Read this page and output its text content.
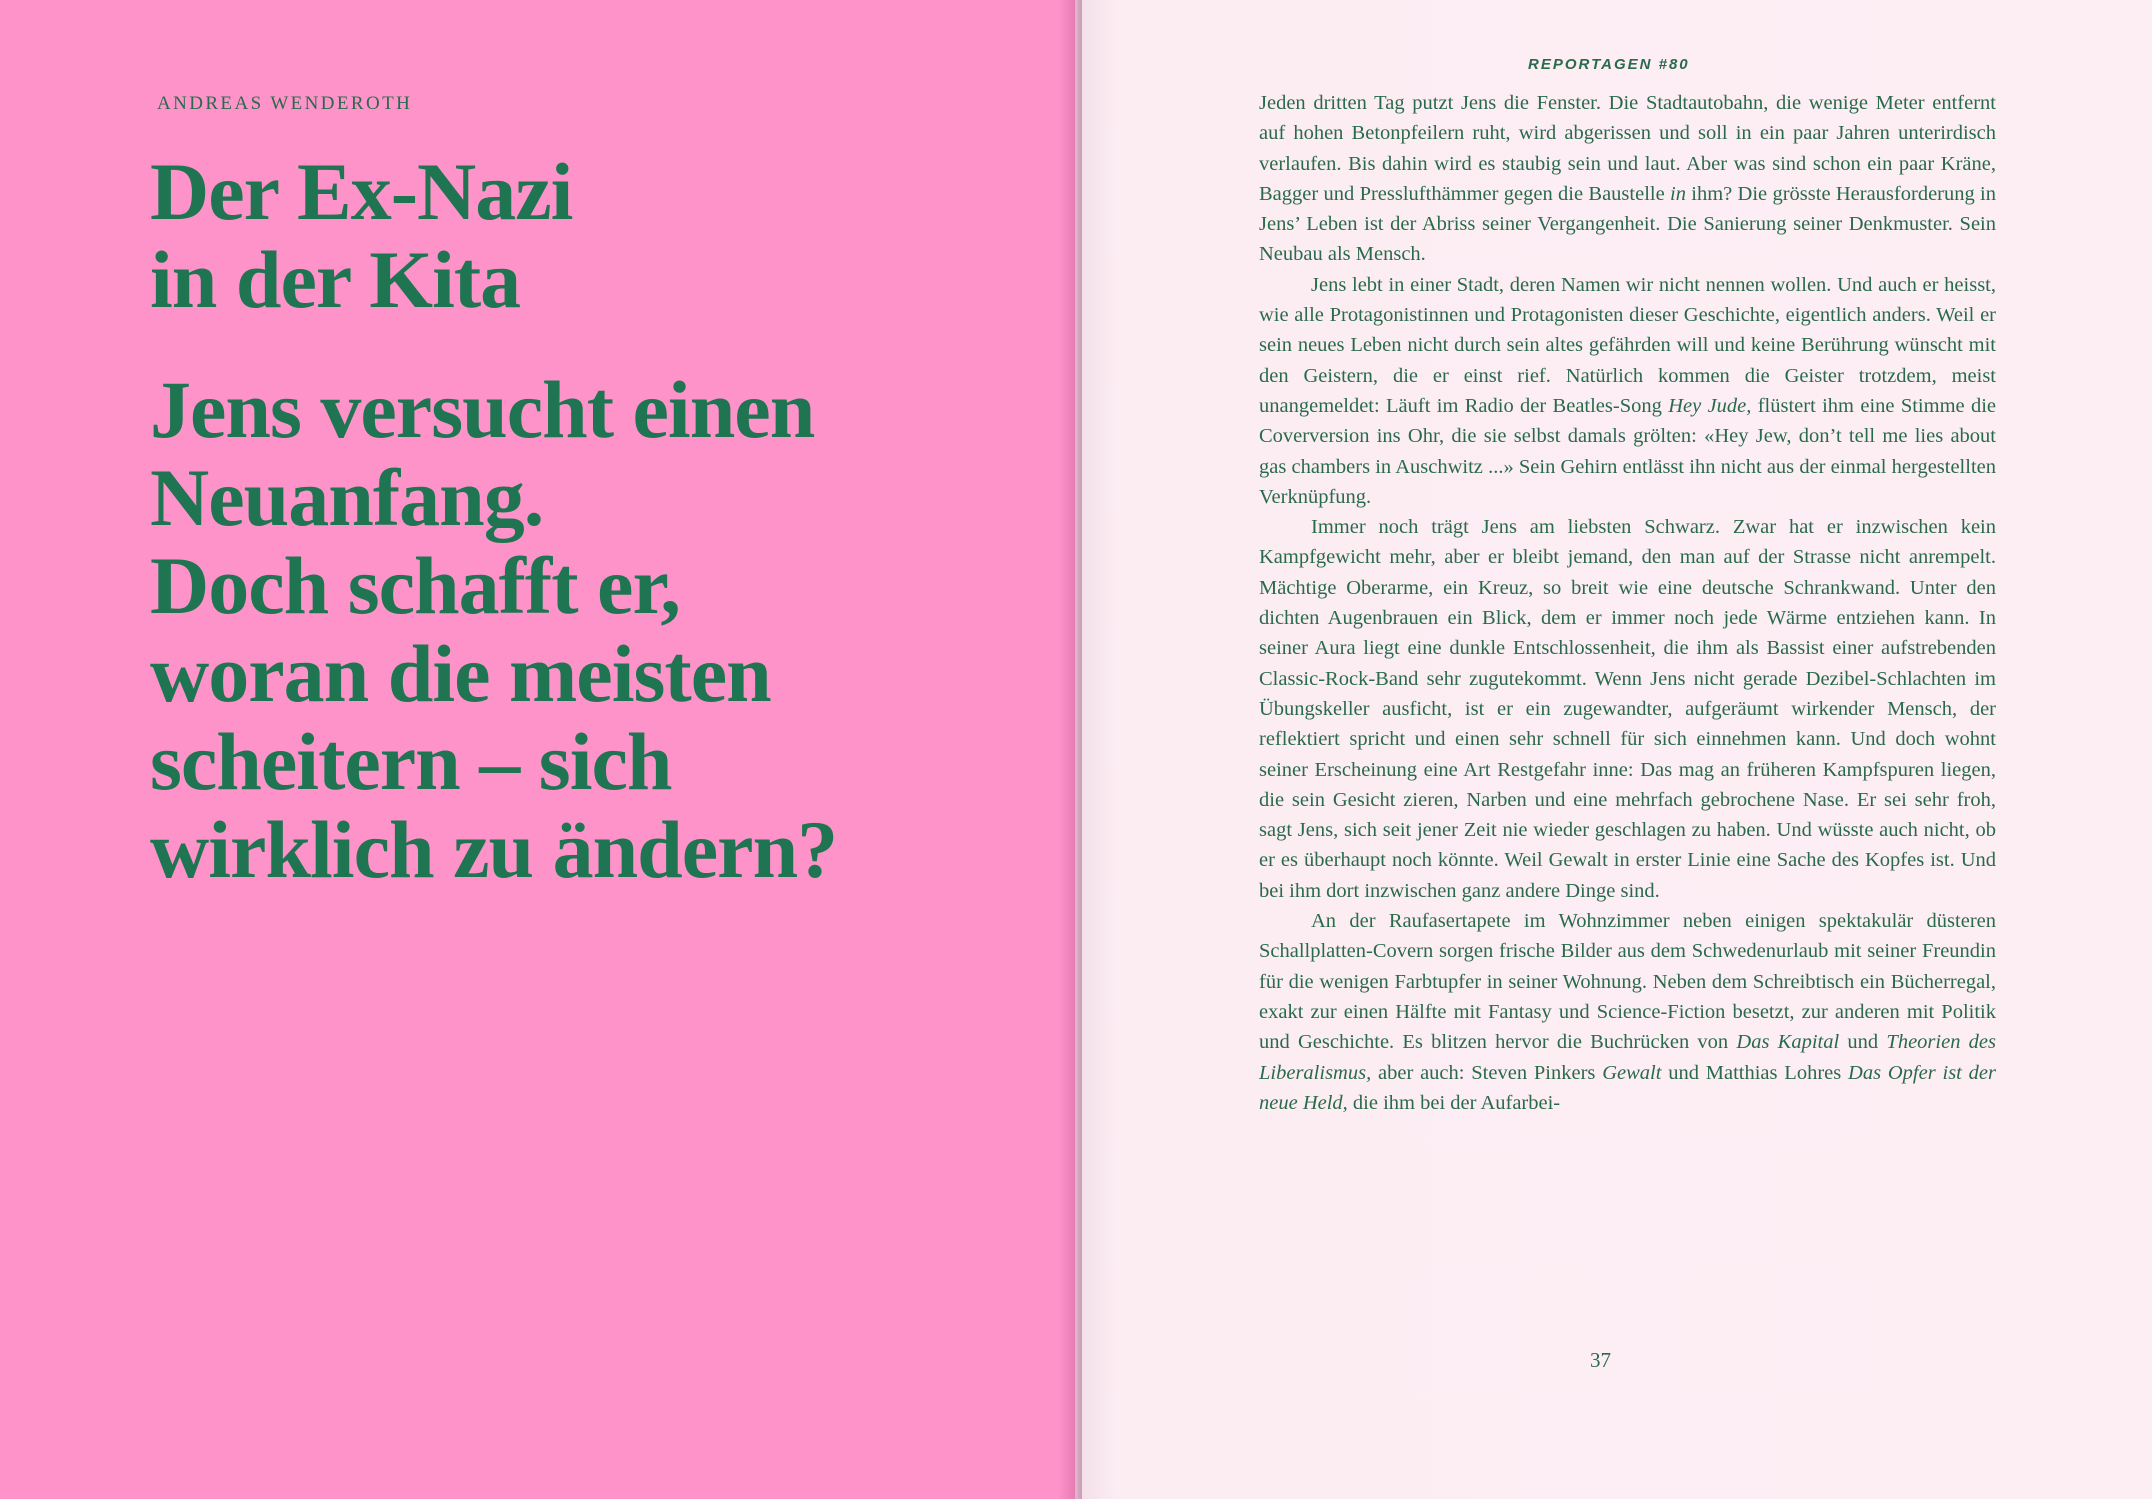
ANDREAS WENDEROTH
Der Ex-Nazi
in der Kita
Jens versucht einen
Neuanfang.
Doch schafft er,
woran die meisten
scheitern – sich
wirklich zu ändern?
REPORTAGEN #80

Jeden dritten Tag putzt Jens die Fenster. Die Stadtautobahn, die wenige Meter entfernt auf hohen Betonpfeilern ruht, wird abgerissen und soll in ein paar Jahren unterirdisch verlaufen. Bis dahin wird es staubig sein und laut. Aber was sind schon ein paar Kräne, Bagger und Presslufthämmer gegen die Baustelle in ihm? Die grösste Herausforderung in Jens’ Leben ist der Abriss seiner Vergangenheit. Die Sanierung seiner Denkmuster. Sein Neubau als Mensch.

Jens lebt in einer Stadt, deren Namen wir nicht nennen wollen. Und auch er heisst, wie alle Protagonistinnen und Protagonisten dieser Geschichte, eigentlich anders. Weil er sein neues Leben nicht durch sein altes gefährden will und keine Berührung wünscht mit den Geistern, die er einst rief. Natürlich kommen die Geister trotzdem, meist unangemeldet: Läuft im Radio der Beatles-Song Hey Jude, flüstert ihm eine Stimme die Coverversion ins Ohr, die sie selbst damals grölten: «Hey Jew, don’t tell me lies about gas chambers in Auschwitz ...» Sein Gehirn entlässt ihn nicht aus der einmal hergestellten Verknüpfung.

Immer noch trägt Jens am liebsten Schwarz. Zwar hat er inzwischen kein Kampfgewicht mehr, aber er bleibt jemand, den man auf der Strasse nicht anrempelt. Mächtige Oberarme, ein Kreuz, so breit wie eine deutsche Schrankwand. Unter den dichten Augenbrauen ein Blick, dem er immer noch jede Wärme entziehen kann. In seiner Aura liegt eine dunkle Entschlossenheit, die ihm als Bassist einer aufstrebenden Classic-Rock-Band sehr zugutekommt. Wenn Jens nicht gerade Dezibel-Schlachten im Übungskeller ausficht, ist er ein zugewandter, aufgeräumt wirkender Mensch, der reflektiert spricht und einen sehr schnell für sich einnehmen kann. Und doch wohnt seiner Erscheinung eine Art Restgefahr inne: Das mag an früheren Kampfspuren liegen, die sein Gesicht zieren, Narben und eine mehrfach gebrochene Nase. Er sei sehr froh, sagt Jens, sich seit jener Zeit nie wieder geschlagen zu haben. Und wüsste auch nicht, ob er es überhaupt noch könnte. Weil Gewalt in erster Linie eine Sache des Kopfes ist. Und bei ihm dort inzwischen ganz andere Dinge sind.

An der Raufasertapete im Wohnzimmer neben einigen spektakulär düsteren Schallplatten-Covern sorgen frische Bilder aus dem Schwedenurlaub mit seiner Freundin für die wenigen Farbtupfer in seiner Wohnung. Neben dem Schreibtisch ein Bücherregal, exakt zur einen Hälfte mit Fantasy und Science-Fiction besetzt, zur anderen mit Politik und Geschichte. Es blitzen hervor die Buchrücken von Das Kapital und Theorien des Liberalismus, aber auch: Steven Pinkers Gewalt und Matthias Lohres Das Opfer ist der neue Held, die ihm bei der Aufarbei-

37
